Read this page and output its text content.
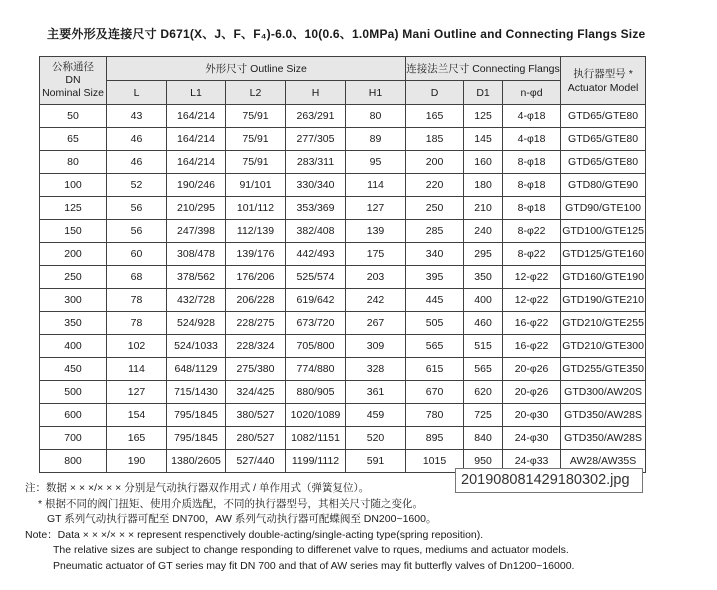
主要外形及连接尺寸 D671(X、J、F、F₄)-6.0、10(0.6、1.0MPa) Mani Outline and Connecting Flangs Size
公称通径
DN
Nominal Size
	外形尺寸 Outline Size	连接法兰尺寸 Connecting Flangs	执行器型号 *
Actuator Model

	L	L1	L2	H	H1	D	D1	n-φd	
50	43	164/214	75/91	263/291	80	165	125	4-φ18	GTD65/GTE80
65	46	164/214	75/91	277/305	89	185	145	4-φ18	GTD65/GTE80
80	46	164/214	75/91	283/311	95	200	160	8-φ18	GTD65/GTE80
100	52	190/246	91/101	330/340	114	220	180	8-φ18	GTD80/GTE90
125	56	210/295	101/112	353/369	127	250	210	8-φ18	GTD90/GTE100
150	56	247/398	112/139	382/408	139	285	240	8-φ22	GTD100/GTE125
200	60	308/478	139/176	442/493	175	340	295	8-φ22	GTD125/GTE160
250	68	378/562	176/206	525/574	203	395	350	12-φ22	GTD160/GTE190
300	78	432/728	206/228	619/642	242	445	400	12-φ22	GTD190/GTE210
350	78	524/928	228/275	673/720	267	505	460	16-φ22	GTD210/GTE255
400	102	524/1033	228/324	705/800	309	565	515	16-φ22	GTD210/GTE300
450	114	648/1129	275/380	774/880	328	615	565	20-φ26	GTD255/GTE350
500	127	715/1430	324/425	880/905	361	670	620	20-φ26	GTD300/AW20S
600	154	795/1845	380/527	1020/1089	459	780	725	20-φ30	GTD350/AW28S
700	165	795/1845	280/527	1082/1151	520	895	840	24-φ30	GTD350/AW28S
800	190	1380/2605	527/440	1199/1112	591	1015	950	24-φ33	AW28/AW35S
注：数据 × × ×/× × × 分别是气动执行器双作用式 / 单作用式（弹簧复位）。
* 根据不同的阀门扭矩、使用介质选配，不同的执行器型号，其相关尺寸随之变化。
GT 系列气动执行器可配至 DN700，AW 系列气动执行器可配蝶阀至 DN200~1600。
Note：Data × × ×/× × × represent respenctively double-acting/single-acting type(spring reposition).
The relative sizes are subject to change responding to differenet valve to rques, mediums and actuator models.
Pneumatic actuator of GT series may fit DN 700 and that of AW series may fit butterfly valves of Dn1200~16000.
201908081429180302.jpg
